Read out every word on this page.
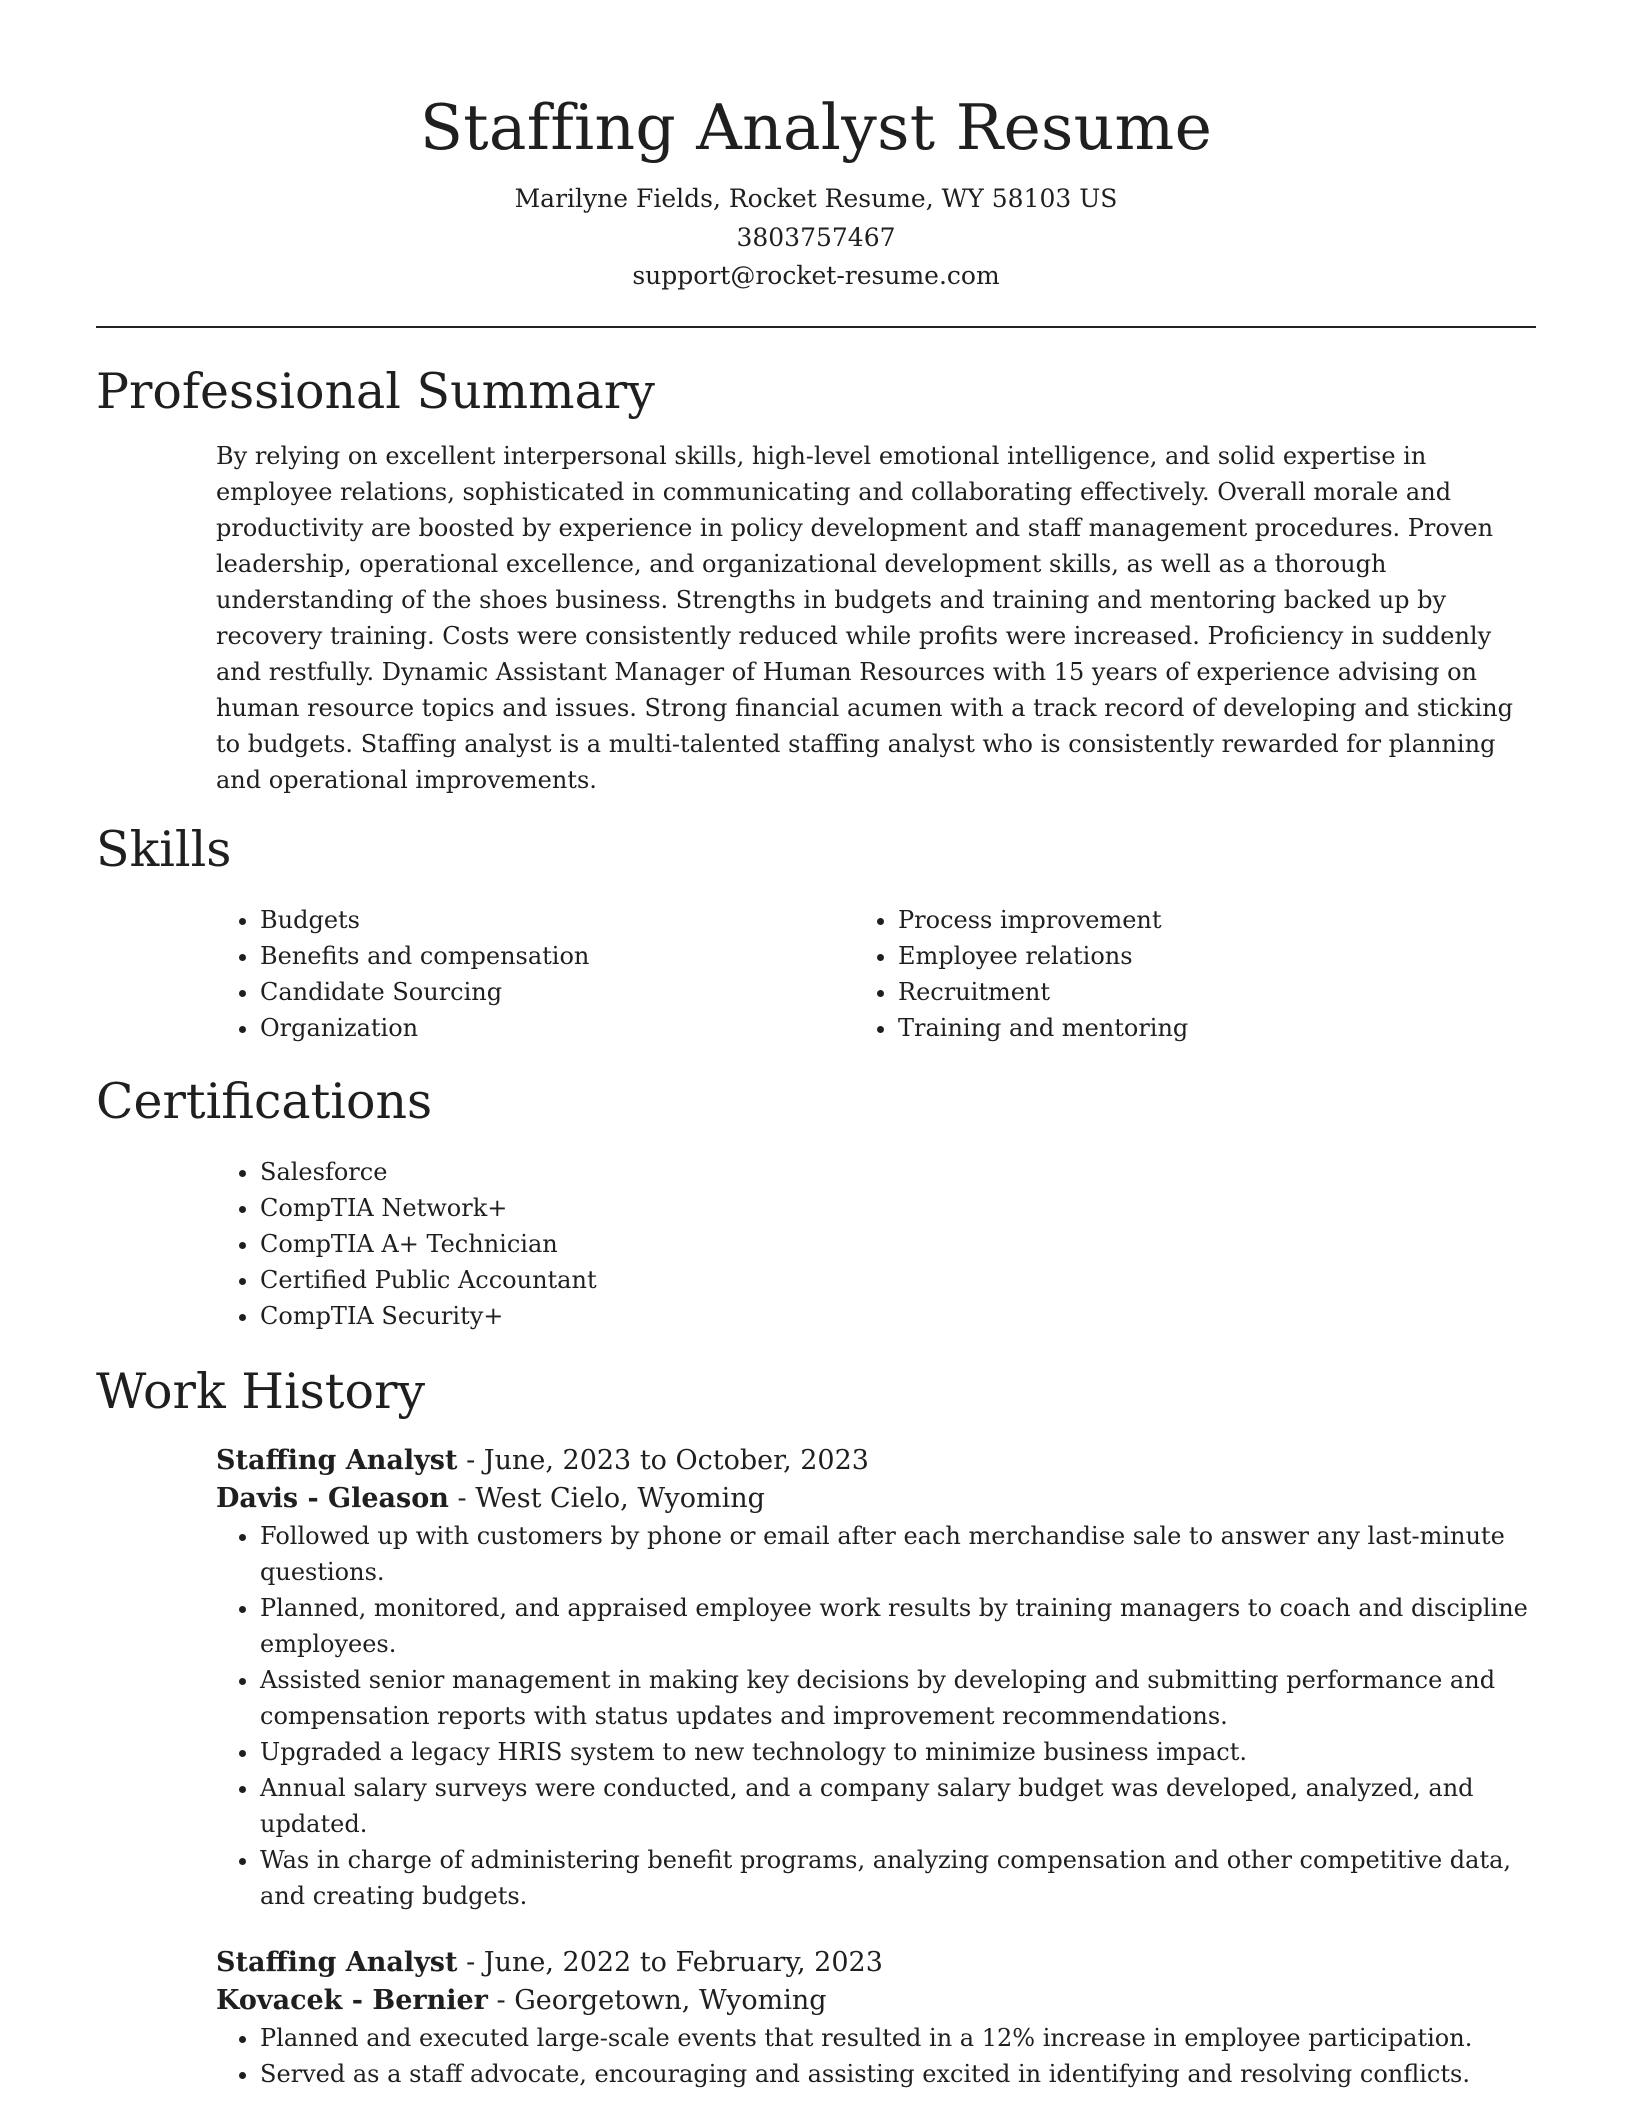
Staffing Analyst Resume
Marilyne Fields, Rocket Resume, WY 58103 US
3803757467
support@rocket-resume.com
Professional Summary

By relying on excellent interpersonal skills, high-level emotional intelligence, and solid expertise in employee relations, sophisticated in communicating and collaborating effectively. Overall morale and productivity are boosted by experience in policy development and staff management procedures. Proven leadership, operational excellence, and organizational development skills, as well as a thorough understanding of the shoes business. Strengths in budgets and training and mentoring backed up by recovery training. Costs were consistently reduced while profits were increased. Proficiency in suddenly and restfully. Dynamic Assistant Manager of Human Resources with 15 years of experience advising on human resource topics and issues. Strong financial acumen with a track record of developing and sticking to budgets. Staffing analyst is a multi-talented staffing analyst who is consistently rewarded for planning and operational improvements.

Skills
• Budgets
• Benefits and compensation
• Candidate Sourcing
• Organization
• Process improvement
• Employee relations
• Recruitment
• Training and mentoring
Certifications
• Salesforce
• CompTIA Network+
• CompTIA A+ Technician
• Certified Public Accountant
• CompTIA Security+
Work History
Staffing Analyst - June, 2023 to October, 2023
Davis - Gleason - West Cielo, Wyoming
• Followed up with customers by phone or email after each merchandise sale to answer any last-minute questions.
• Planned, monitored, and appraised employee work results by training managers to coach and discipline employees.
• Assisted senior management in making key decisions by developing and submitting performance and compensation reports with status updates and improvement recommendations.
• Upgraded a legacy HRIS system to new technology to minimize business impact.
• Annual salary surveys were conducted, and a company salary budget was developed, analyzed, and updated.
• Was in charge of administering benefit programs, analyzing compensation and other competitive data, and creating budgets.
Staffing Analyst - June, 2022 to February, 2023
Kovacek - Bernier - Georgetown, Wyoming
• Planned and executed large-scale events that resulted in a 12% increase in employee participation.
• Served as a staff advocate, encouraging and assisting excited in identifying and resolving conflicts.
